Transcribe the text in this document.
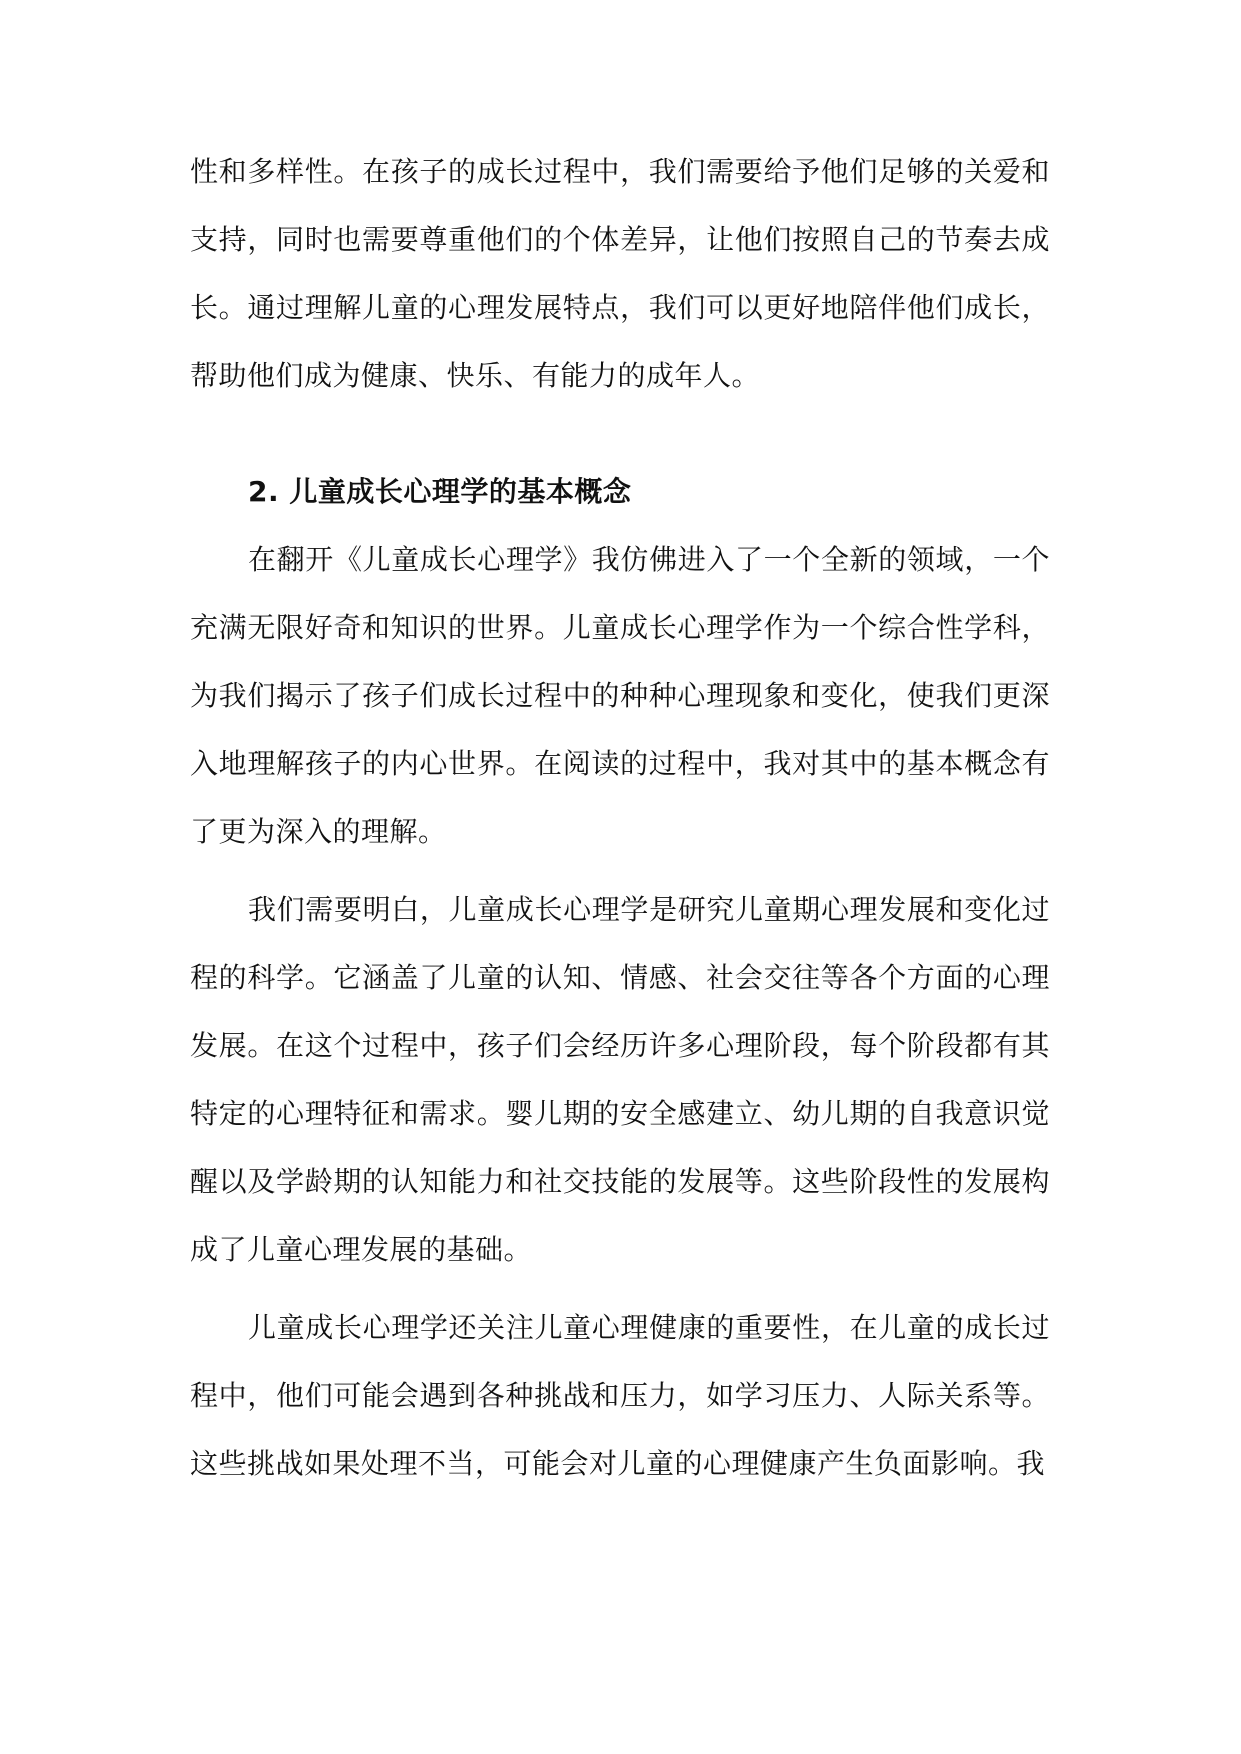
性和多样性。在孩子的成长过程中，我们需要给予他们足够的关爱和支持，同时也需要尊重他们的个体差异，让他们按照自己的节奏去成长。通过理解儿童的心理发展特点，我们可以更好地陪伴他们成长，帮助他们成为健康、快乐、有能力的成年人。

2. 儿童成长心理学的基本概念

在翻开《儿童成长心理学》我仿佛进入了一个全新的领域，一个充满无限好奇和知识的世界。儿童成长心理学作为一个综合性学科，为我们揭示了孩子们成长过程中的种种心理现象和变化，使我们更深入地理解孩子的内心世界。在阅读的过程中，我对其中的基本概念有了更为深入的理解。

我们需要明白，儿童成长心理学是研究儿童期心理发展和变化过程的科学。它涵盖了儿童的认知、情感、社会交往等各个方面的心理发展。在这个过程中，孩子们会经历许多心理阶段，每个阶段都有其特定的心理特征和需求。婴儿期的安全感建立、幼儿期的自我意识觉醒以及学龄期的认知能力和社交技能的发展等。这些阶段性的发展构成了儿童心理发展的基础。

儿童成长心理学还关注儿童心理健康的重要性，在儿童的成长过程中，他们可能会遇到各种挑战和压力，如学习压力、人际关系等。这些挑战如果处理不当，可能会对儿童的心理健康产生负面影响。我
